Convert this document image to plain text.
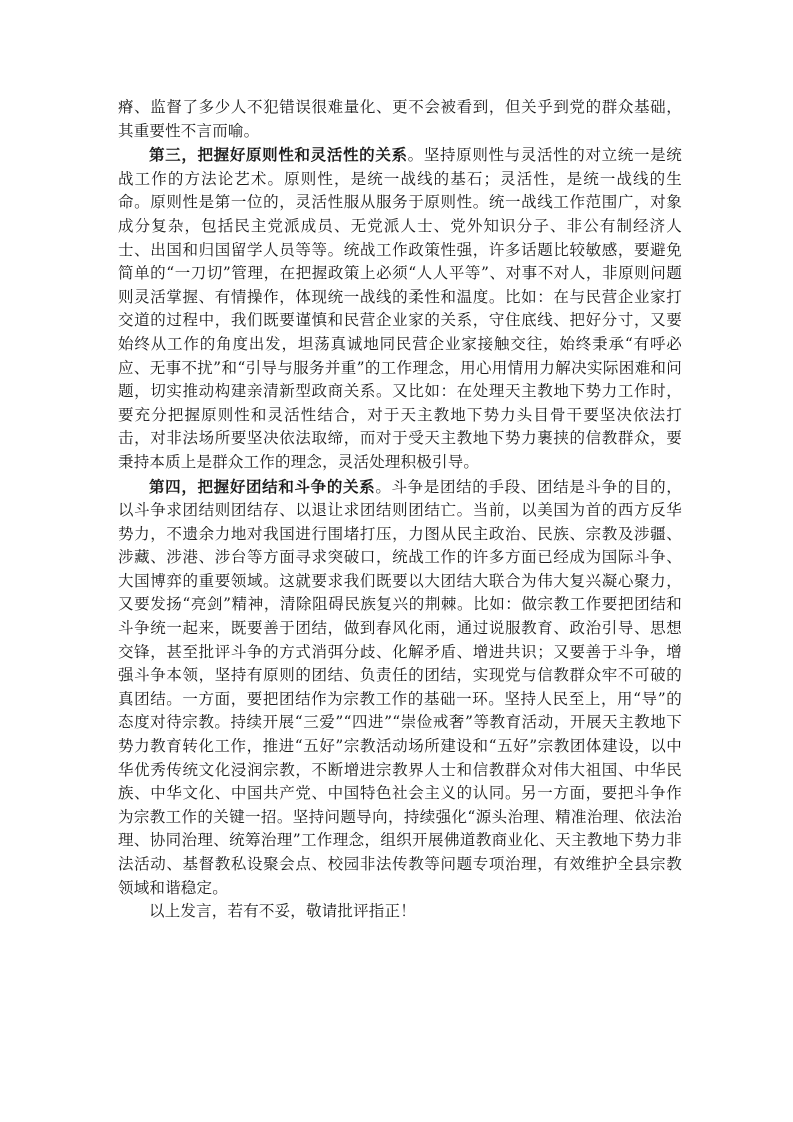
瘠、监督了多少人不犯错误很难量化、更不会被看到，但关乎到党的群众基础，其重要性不言而喻。

第三，把握好原则性和灵活性的关系。坚持原则性与灵活性的对立统一是统战工作的方法论艺术。原则性，是统一战线的基石；灵活性，是统一战线的生命。原则性是第一位的，灵活性服从服务于原则性。统一战线工作范围广，对象成分复杂，包括民主党派成员、无党派人士、党外知识分子、非公有制经济人士、出国和归国留学人员等等。统战工作政策性强，许多话题比较敏感，要避免简单的“一刀切”管理，在把握政策上必须“人人平等”、对事不对人，非原则问题则灵活掌握、有情操作，体现统一战线的柔性和温度。比如：在与民营企业家打交道的过程中，我们既要谨慎和民营企业家的关系，守住底线、把好分寸，又要始终从工作的角度出发，坦荡真诚地同民营企业家接触交往，始终秉承“有呼必应、无事不扰”和“引导与服务并重”的工作理念，用心用情用力解决实际困难和问题，切实推动构建亲清新型政商关系。又比如：在处理天主教地下势力工作时，要充分把握原则性和灵活性结合，对于天主教地下势力头目骨干要坚决依法打击，对非法场所要坚决依法取缔，而对于受天主教地下势力裹挟的信教群众，要秉持本质上是群众工作的理念，灵活处理积极引导。

第四，把握好团结和斗争的关系。斗争是团结的手段、团结是斗争的目的，以斗争求团结则团结存、以退让求团结则团结亡。当前，以美国为首的西方反华势力，不遗余力地对我国进行围堵打压，力图从民主政治、民族、宗教及涉疆、涉藏、涉港、涉台等方面寻求突破口，统战工作的许多方面已经成为国际斗争、大国博弈的重要领域。这就要求我们既要以大团结大联合为伟大复兴凝心聚力，又要发扬“亮剑”精神，清除阻碍民族复兴的荆棘。比如：做宗教工作要把团结和斗争统一起来，既要善于团结，做到春风化雨，通过说服教育、政治引导、思想交锋，甚至批评斗争的方式消弭分歧、化解矛盾、增进共识；又要善于斗争，增强斗争本领，坚持有原则的团结、负责任的团结，实现党与信教群众牢不可破的真团结。一方面，要把团结作为宗教工作的基础一环。坚持人民至上，用“导”的态度对待宗教。持续开展“三爱”“四进”“崇俭戒奢”等教育活动，开展天主教地下势力教育转化工作，推进“五好”宗教活动场所建设和“五好”宗教团体建设，以中华优秀传统文化浸润宗教，不断增进宗教界人士和信教群众对伟大祖国、中华民族、中华文化、中国共产党、中国特色社会主义的认同。另一方面，要把斗争作为宗教工作的关键一招。坚持问题导向，持续强化“源头治理、精准治理、依法治理、协同治理、统筹治理”工作理念，组织开展佛道教商业化、天主教地下势力非法活动、基督教私设聚会点、校园非法传教等问题专项治理，有效维护全县宗教领域和谐稳定。

以上发言，若有不妥，敬请批评指正！
